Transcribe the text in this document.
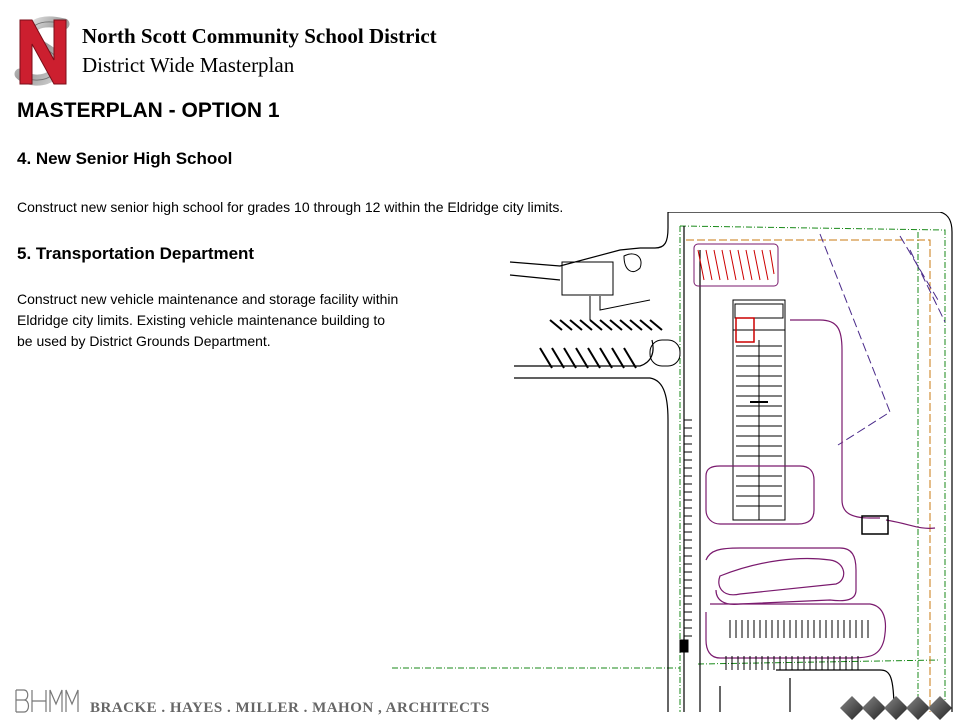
North Scott Community School District
District Wide Masterplan
MASTERPLAN - OPTION 1
4. New Senior High School

Construct new senior high school for grades 10 through 12 within the Eldridge city limits.

5. Transportation Department
Construct new vehicle maintenance and storage facility within
Eldridge city limits. Existing vehicle maintenance building to
be used by District Grounds Department.
BRACKE . HAYES . MILLER . MAHON , ARCHITECTS
